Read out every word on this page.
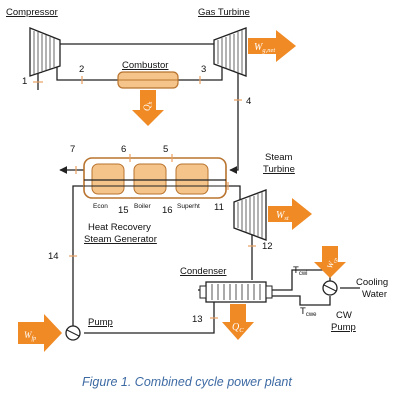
$W_{g,net}$
$Q_h$
$W_{st}$
$Q_C$
$W_{cp}$
$W_{fp}$
1
2	3
4
5
6
7
11
12
13
14
15	16
Econ	Boiler	Superht
Compressor	Gas Turbine
Combustor
Steam
Turbine
Heat Recovery
Steam Generator
Condenser
Pump
CW
Pump
Cooling
Water
$T_{cwi}$
$T_{cwe}$
Figure 1. Combined cycle power plant
